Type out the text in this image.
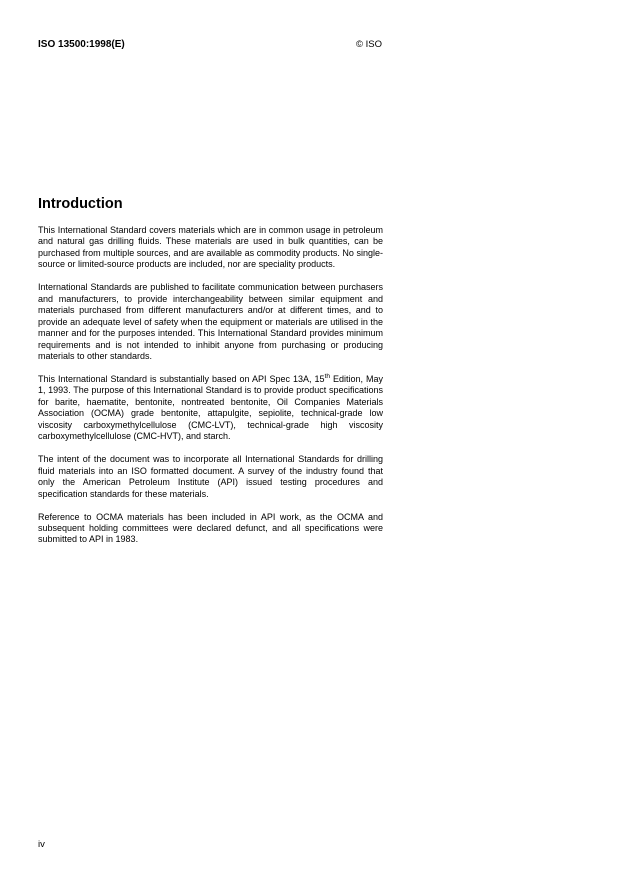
ISO 13500:1998(E)	© ISO
Introduction

This International Standard covers materials which are in common usage in petroleum and natural gas drilling fluids. These materials are used in bulk quantities, can be purchased from multiple sources, and are available as commodity products. No single-source or limited-source products are included, nor are speciality products.

International Standards are published to facilitate communication between purchasers and manufacturers, to provide interchangeability between similar equipment and materials purchased from different manufacturers and/or at different times, and to provide an adequate level of safety when the equipment or materials are utilised in the manner and for the purposes intended. This International Standard provides minimum requirements and is not intended to inhibit anyone from purchasing or producing materials to other standards.

This International Standard is substantially based on API Spec 13A, 15th Edition, May 1, 1993. The purpose of this International Standard is to provide product specifications for barite, haematite, bentonite, nontreated bentonite, Oil Companies Materials Association (OCMA) grade bentonite, attapulgite, sepiolite, technical-grade low viscosity carboxymethylcellulose (CMC-LVT), technical-grade high viscosity carboxymethylcellulose (CMC-HVT), and starch.

The intent of the document was to incorporate all International Standards for drilling fluid materials into an ISO formatted document. A survey of the industry found that only the American Petroleum Institute (API) issued testing procedures and specification standards for these materials.

Reference to OCMA materials has been included in API work, as the OCMA and subsequent holding committees were declared defunct, and all specifications were submitted to API in 1983.

iv
